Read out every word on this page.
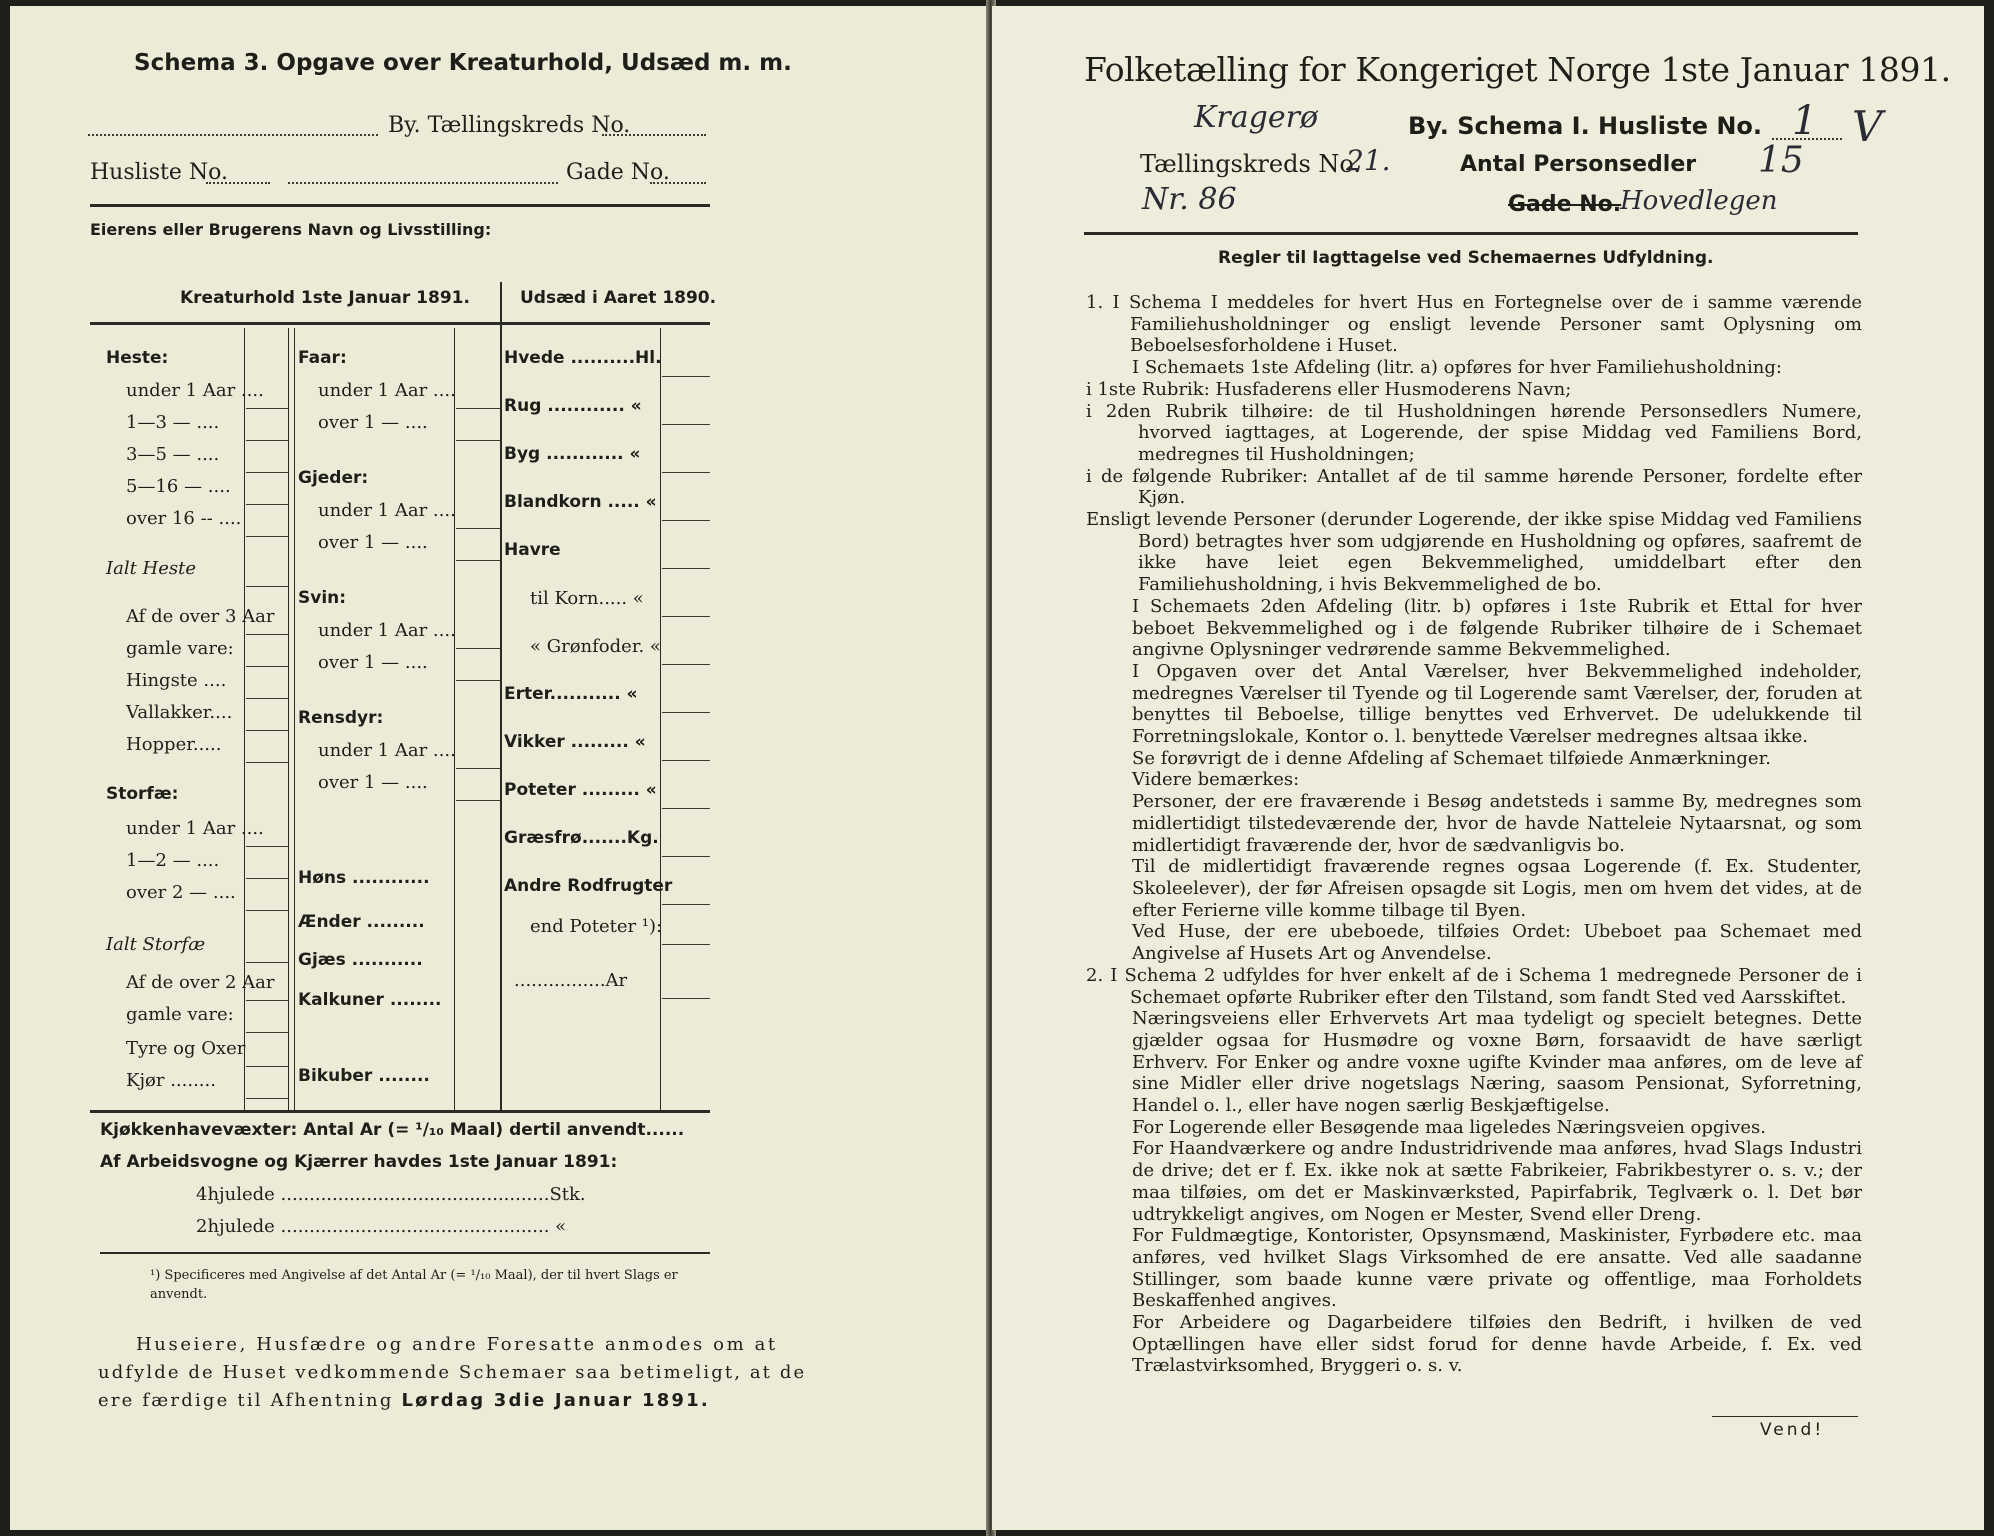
Schema 3. Opgave over Kreaturhold, Udsæd m. m.
By. Tællingskreds No.
Husliste No.	Gade No.
Eierens eller Brugerens Navn og Livsstilling:
Kreaturhold 1ste Januar 1891.	Udsæd i Aaret 1890.
Kjøkkenhavevæxter: Antal Ar (= ¹/₁₀ Maal) dertil anvendt......
Af Arbeidsvogne og Kjærrer havdes 1ste Januar 1891:
4hjulede ...............................................Stk.
2hjulede ............................................... «
¹) Specificeres med Angivelse af det Antal Ar (= ¹/₁₀ Maal), der til hvert Slags er anvendt.
Huseiere, Husfædre og andre Foresatte anmodes om at
udfylde de Huset vedkommende Schemaer saa betimeligt, at de
ere færdige til Afhentning Lørdag 3die Januar 1891.
Heste:
under 1 Aar ....
1—3 — ....
3—5 — ....
5—16 — ....
over 16 -- ....
Ialt Heste
Af de over 3 Aar
gamle vare:
Hingste ....
Vallakker....
Hopper.....
Storfæ:
under 1 Aar ....
1—2 — ....
over 2 — ....
Ialt Storfæ
Af de over 2 Aar
gamle vare:
Tyre og Oxer
Kjør ........
Faar:
under 1 Aar ....
over 1 — ....
Gjeder:
under 1 Aar ....
over 1 — ....
Svin:
under 1 Aar ....
over 1 — ....
Rensdyr:
under 1 Aar ....
over 1 — ....
Høns ............
Ænder .........
Gjæs ...........
Kalkuner ........
Bikuber ........
Hvede ..........Hl.
Rug ............ «
Byg ............ «
Blandkorn ..... «
Havre
til Korn..... «
« Grønfoder. «
Erter........... «
Vikker ......... «
Poteter ......... «
Græsfrø.......Kg.
Andre Rodfrugter
end Poteter ¹):
................Ar
Folketælling for Kongeriget Norge 1ste Januar 1891.
Kragerø	By. Schema I. Husliste No. 1 V
Tællingskreds No.
21.	Antal Personsedler 15
Nr. 86	Gade No.
Hovedlegen
Regler til Iagttagelse ved Schemaernes Udfyldning.

1. I Schema I meddeles for hvert Hus en Fortegnelse over de i samme værende Familiehusholdninger og ensligt levende Personer samt Oplysning om Beboelsesforholdene i Huset.

I Schemaets 1ste Afdeling (litr. a) opføres for hver Familiehusholdning:

i 1ste Rubrik: Husfaderens eller Husmoderens Navn;

i 2den Rubrik tilhøire: de til Husholdningen hørende Personsedlers Numere, hvorved iagttages, at Logerende, der spise Middag ved Familiens Bord, medregnes til Husholdningen;

i de følgende Rubriker: Antallet af de til samme hørende Personer, fordelte efter Kjøn.

Ensligt levende Personer (derunder Logerende, der ikke spise Middag ved Familiens Bord) betragtes hver som udgjørende en Husholdning og opføres, saafremt de ikke have leiet egen Bekvemmelighed, umiddelbart efter den Familiehusholdning, i hvis Bekvemmelighed de bo.

I Schemaets 2den Afdeling (litr. b) opføres i 1ste Rubrik et Ettal for hver beboet Bekvemmelighed og i de følgende Rubriker tilhøire de i Schemaet angivne Oplysninger vedrørende samme Bekvemmelighed.

I Opgaven over det Antal Værelser, hver Bekvemmelighed indeholder, medregnes Værelser til Tyende og til Logerende samt Værelser, der, foruden at benyttes til Beboelse, tillige benyttes ved Erhvervet. De udelukkende til Forretningslokale, Kontor o. l. benyttede Værelser medregnes altsaa ikke.

Se forøvrigt de i denne Afdeling af Schemaet tilføiede Anmærkninger.

Videre bemærkes:

Personer, der ere fraværende i Besøg andetsteds i samme By, medregnes som midlertidigt tilstedeværende der, hvor de havde Natteleie Nytaarsnat, og som midlertidigt fraværende der, hvor de sædvanligvis bo.

Til de midlertidigt fraværende regnes ogsaa Logerende (f. Ex. Studenter, Skoleelever), der før Afreisen opsagde sit Logis, men om hvem det vides, at de efter Ferierne ville komme tilbage til Byen.

Ved Huse, der ere ubeboede, tilføies Ordet: Ubeboet paa Schemaet med Angivelse af Husets Art og Anvendelse.

2. I Schema 2 udfyldes for hver enkelt af de i Schema 1 medregnede Personer de i Schemaet opførte Rubriker efter den Tilstand, som fandt Sted ved Aarsskiftet.

Næringsveiens eller Erhvervets Art maa tydeligt og specielt betegnes. Dette gjælder ogsaa for Husmødre og voxne Børn, forsaavidt de have særligt Erhverv. For Enker og andre voxne ugifte Kvinder maa anføres, om de leve af sine Midler eller drive nogetslags Næring, saasom Pensionat, Syforretning, Handel o. l., eller have nogen særlig Beskjæftigelse.

For Logerende eller Besøgende maa ligeledes Næringsveien opgives.

For Haandværkere og andre Industridrivende maa anføres, hvad Slags Industri de drive; det er f. Ex. ikke nok at sætte Fabrikeier, Fabrikbestyrer o. s. v.; der maa tilføies, om det er Maskinværksted, Papirfabrik, Teglværk o. l. Det bør udtrykkeligt angives, om Nogen er Mester, Svend eller Dreng.

For Fuldmægtige, Kontorister, Opsynsmænd, Maskinister, Fyrbødere etc. maa anføres, ved hvilket Slags Virksomhed de ere ansatte. Ved alle saadanne Stillinger, som baade kunne være private og offentlige, maa Forholdets Beskaffenhed angives.

For Arbeidere og Dagarbeidere tilføies den Bedrift, i hvilken de ved Optællingen have eller sidst forud for denne havde Arbeide, f. Ex. ved Trælastvirksomhed, Bryggeri o. s. v.

Vend!
